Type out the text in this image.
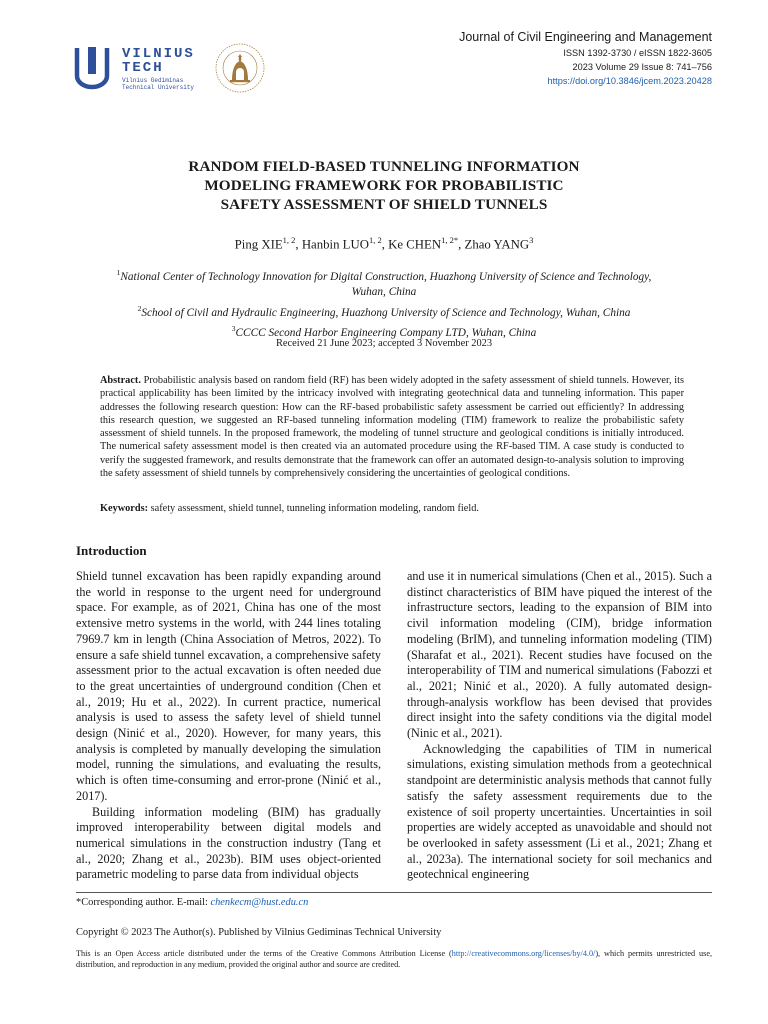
VILNIUS
TECH
Vilnius Gediminas
Technical University
Journal of Civil Engineering and Management
ISSN 1392-3730 / eISSN 1822-3605
2023 Volume 29 Issue 8: 741–756
https://doi.org/10.3846/jcem.2023.20428
RANDOM FIELD-BASED TUNNELING INFORMATION
MODELING FRAMEWORK FOR PROBABILISTIC
SAFETY ASSESSMENT OF SHIELD TUNNELS
Ping XIE$^{1, 2}$, Hanbin LUO$^{1, 2}$, Ke $CHEN^{1, 2*}$, Zhao YANG$^3$
$^1$National Center of Technology Innovation for Digital Construction, Huazhong University of Science and Technology, Wuhan, China
$^2$School of Civil and Hydraulic Engineering, Huazhong University of Science and Technology, Wuhan, China
$^3$CCCC Second Harbor Engineering Company LTD, Wuhan, China
Received 21 June 2023; accepted 3 November 2023
Abstract. Probabilistic analysis based on random field (RF) has been widely adopted in the safety assessment of shield tunnels. However, its practical applicability has been limited by the intricacy involved with integrating geotechnical data and tunneling information. This paper addresses the following research question: How can the RF-based probabilistic safety assessment be carried out efficiently? In addressing this research question, we suggested an RF-based tunneling information modeling (TIM) framework to realize the probabilistic safety assessment of shield tunnels. In the proposed framework, the modeling of tunnel structure and geological conditions is initially introduced. The numerical safety assessment model is then created via an automated procedure using the RF-based TIM. A case study is conducted to verify the suggested framework, and results demonstrate that the framework can offer an automated design-to-analysis solution to improving the safety assessment of shield tunnels by comprehensively considering the uncertainties of geological conditions.
Keywords: safety assessment, shield tunnel, tunneling information modeling, random field.
Introduction

Shield tunnel excavation has been rapidly expanding around the world in response to the urgent need for underground space. For example, as of 2021, China has one of the most extensive metro systems in the world, with 244 lines totaling 7969.7 km in length (China Association of Metros, 2022). To ensure a safe shield tunnel excavation, a comprehensive safety assessment prior to the actual excavation is often needed due to the great uncertainties of underground condition (Chen et al., 2019; Hu et al., 2022). In current practice, numerical analysis is used to assess the safety level of shield tunnel design (Ninić et al., 2020). However, for many years, this analysis is completed by manually developing the simulation model, running the simulations, and evaluating the results, which is often time-consuming and error-prone (Ninić et al., 2017).

Building information modeling (BIM) has gradually improved interoperability between digital models and numerical simulations in the construction industry (Tang et al., 2020; Zhang et al., 2023b). BIM uses object-oriented parametric modeling to parse data from individual objects

and use it in numerical simulations (Chen et al., 2015). Such a distinct characteristics of BIM have piqued the interest of the infrastructure sectors, leading to the expansion of BIM into civil information modeling (CIM), bridge information modeling (BrIM), and tunneling information modeling (TIM) (Sharafat et al., 2021). Recent studies have focused on the interoperability of TIM and numerical simulations (Fabozzi et al., 2021; Ninić et al., 2020). A fully automated design-through-analysis workflow has been devised that provides direct insight into the safety conditions via the digital model (Ninic et al., 2021).

Acknowledging the capabilities of TIM in numerical simulations, existing simulation methods from a geotechnical standpoint are deterministic analysis methods that cannot fully satisfy the safety assessment requirements due to the existence of soil property uncertainties. Uncertainties in soil properties are widely accepted as unavoidable and should not be overlooked in safety assessment (Li et al., 2021; Zhang et al., 2023a). The international society for soil mechanics and geotechnical engineering

*Corresponding author. E-mail: chenkecm@hust.edu.cn
Copyright © 2023 The Author(s). Published by Vilnius Gediminas Technical University
This is an Open Access article distributed under the terms of the Creative Commons Attribution License (http://creativecommons.org/licenses/by/4.0/), which permits unrestricted use, distribution, and reproduction in any medium, provided the original author and source are credited.
